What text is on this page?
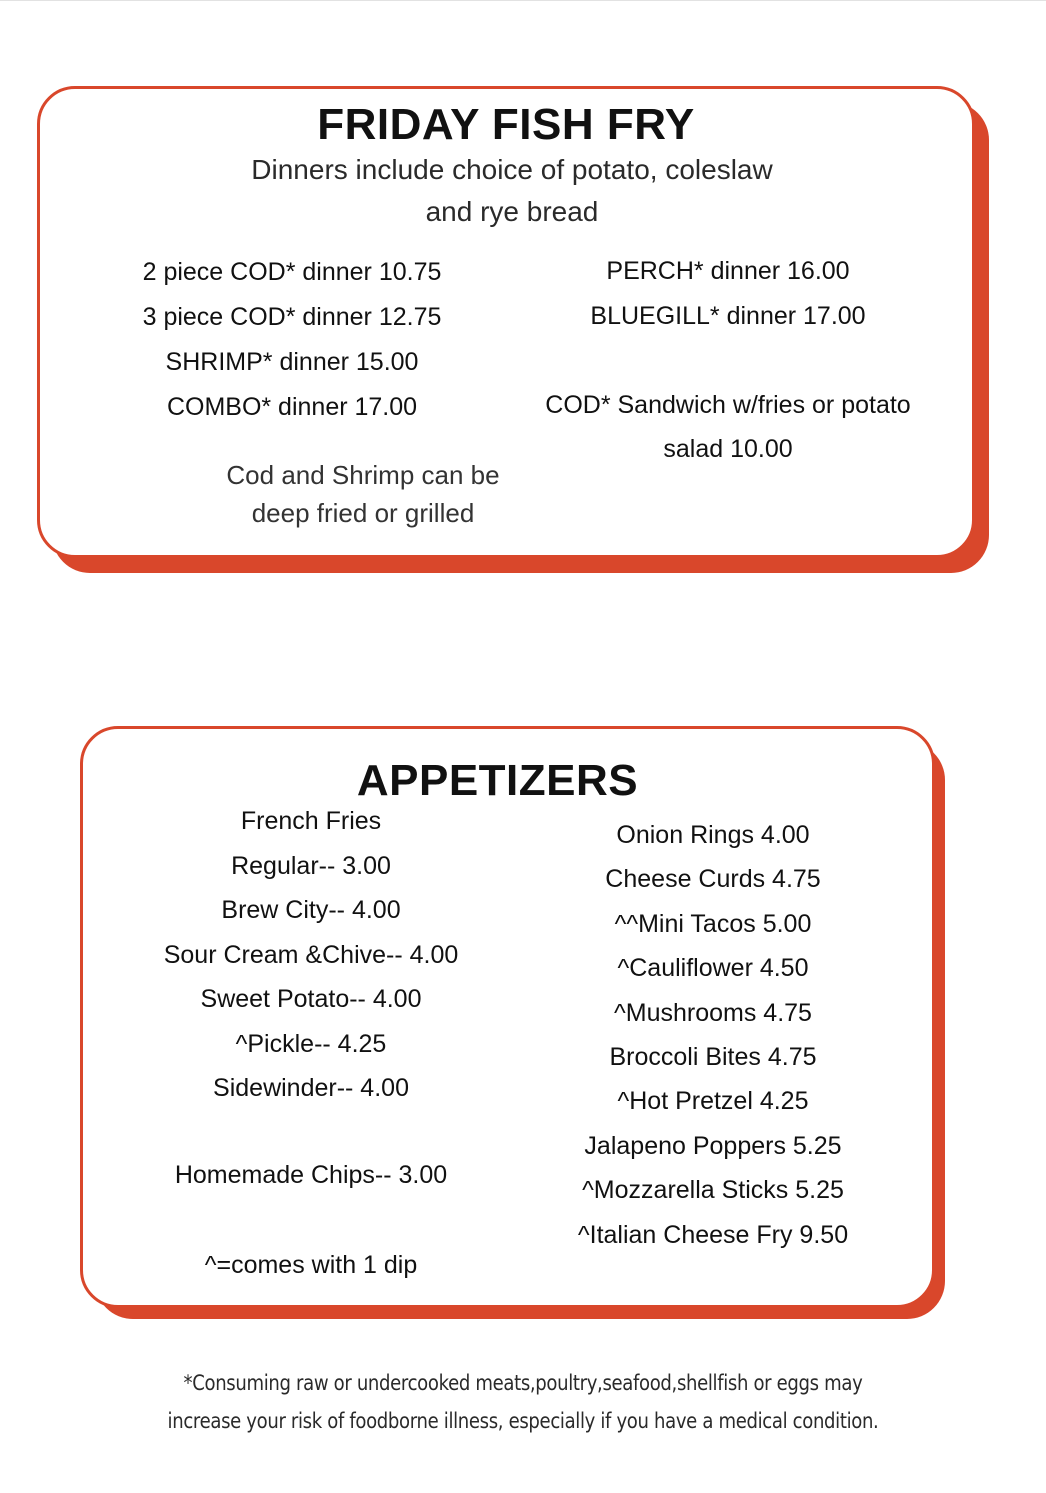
FRIDAY FISH FRY
Dinners include choice of potato, coleslaw
and rye bread
2 piece COD* dinner 10.75
3 piece COD* dinner 12.75
SHRIMP* dinner 15.00
COMBO* dinner 17.00
Cod and Shrimp can be
deep fried or grilled
PERCH* dinner 16.00
BLUEGILL* dinner 17.00
COD* Sandwich w/fries or potato
salad 10.00
APPETIZERS
French Fries
Regular-- 3.00
Brew City-- 4.00
Sour Cream &Chive-- 4.00
Sweet Potato-- 4.00
^Pickle-- 4.25
Sidewinder-- 4.00
Homemade Chips-- 3.00
^=comes with 1 dip
Onion Rings 4.00
Cheese Curds 4.75
^^Mini Tacos 5.00
^Cauliflower 4.50
^Mushrooms 4.75
Broccoli Bites 4.75
^Hot Pretzel 4.25
Jalapeno Poppers 5.25
^Mozzarella Sticks 5.25
^Italian Cheese Fry 9.50
*Consuming raw or undercooked meats,poultry,seafood,shellfish or eggs may
increase your risk of foodborne illness, especially if you have a medical condition.
